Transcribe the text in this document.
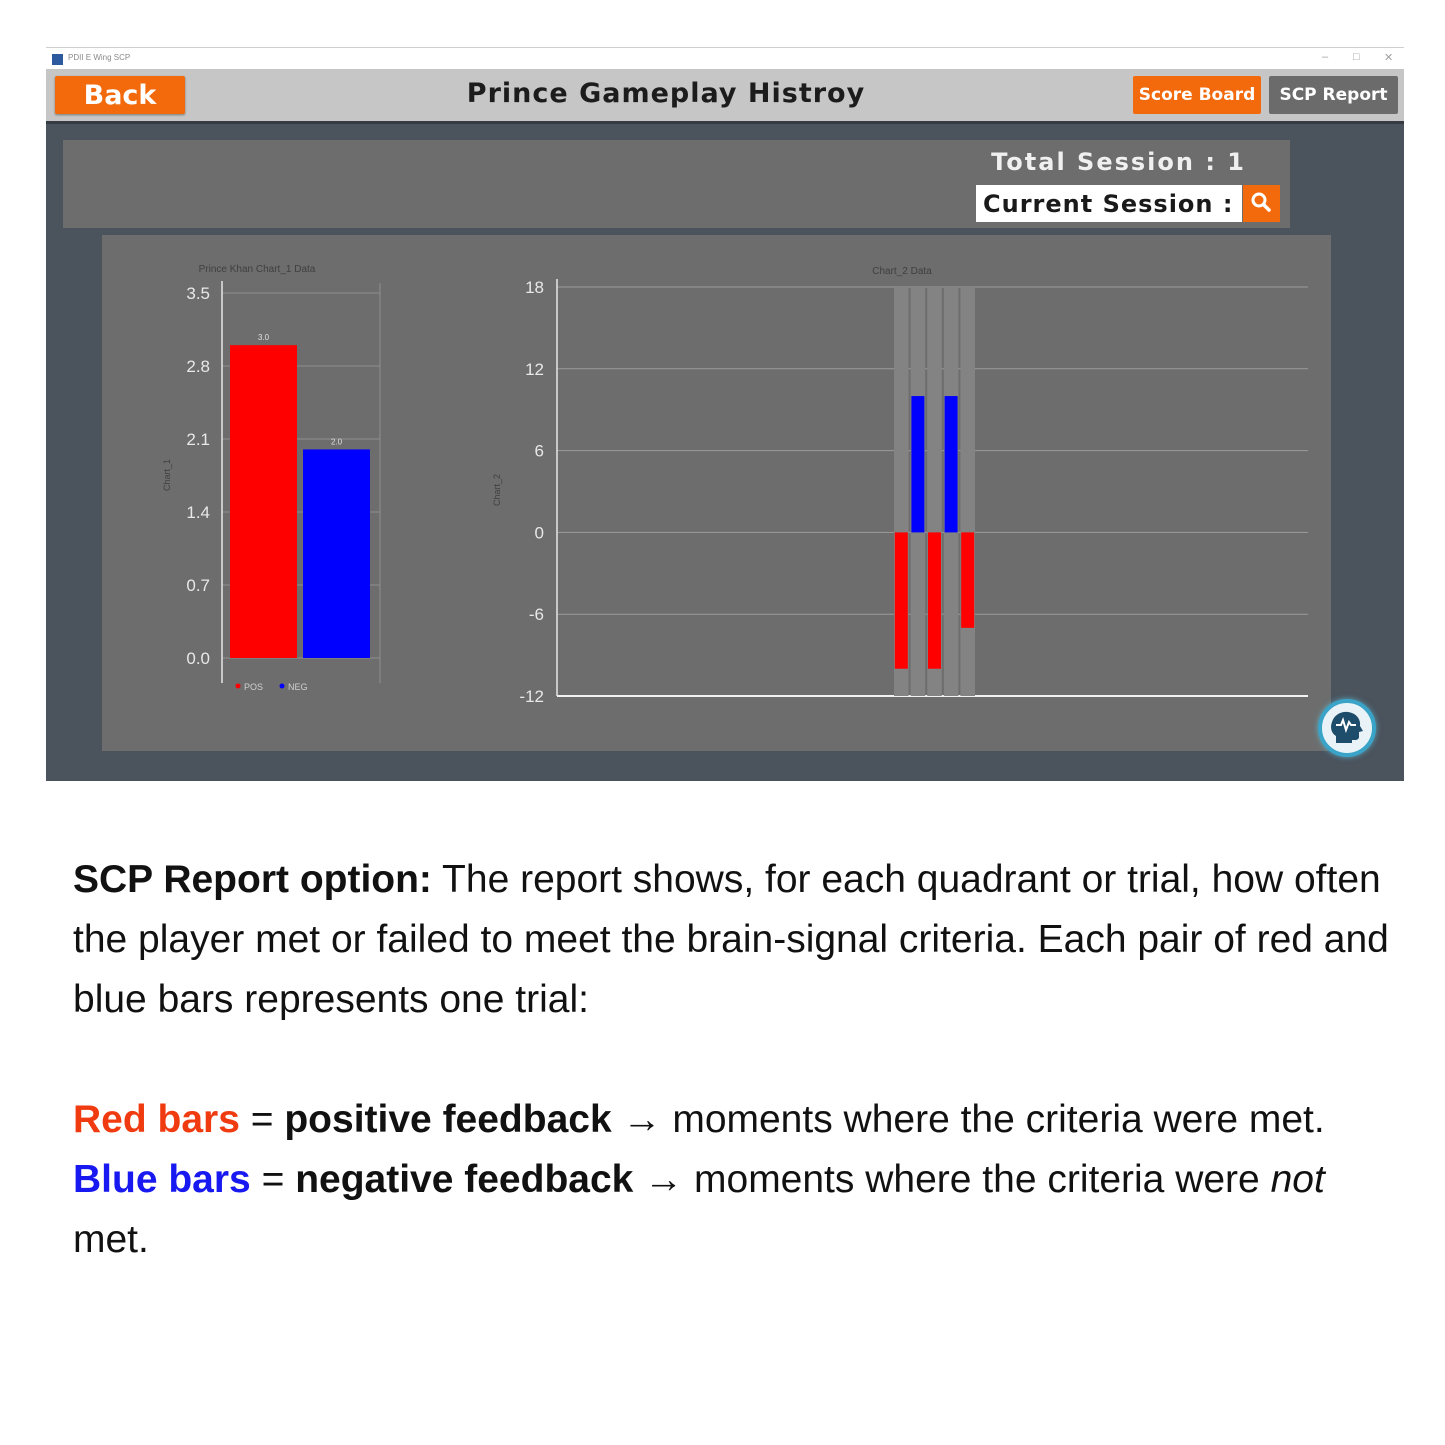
PDII E Wing SCP	– □ ✕
Back	Prince Gameplay Histroy	Score Board	SCP Report
Total Session : 1
Current Session : 1
Prince Khan Chart_1 Data
0.0
0.7
1.4
2.1
2.8
3.5
3.0
2.0
Chart_1
POS	NEG
Chart_2 Data
-12
-6
0
6
12
18
Chart_2

SCP Report option: The report shows, for each quadrant or trial, how often the player met or failed to meet the brain-signal criteria. Each pair of red and blue bars represents one trial:

Red bars = positive feedback → moments where the criteria were met.

Blue bars = negative feedback → moments where the criteria were not met.
